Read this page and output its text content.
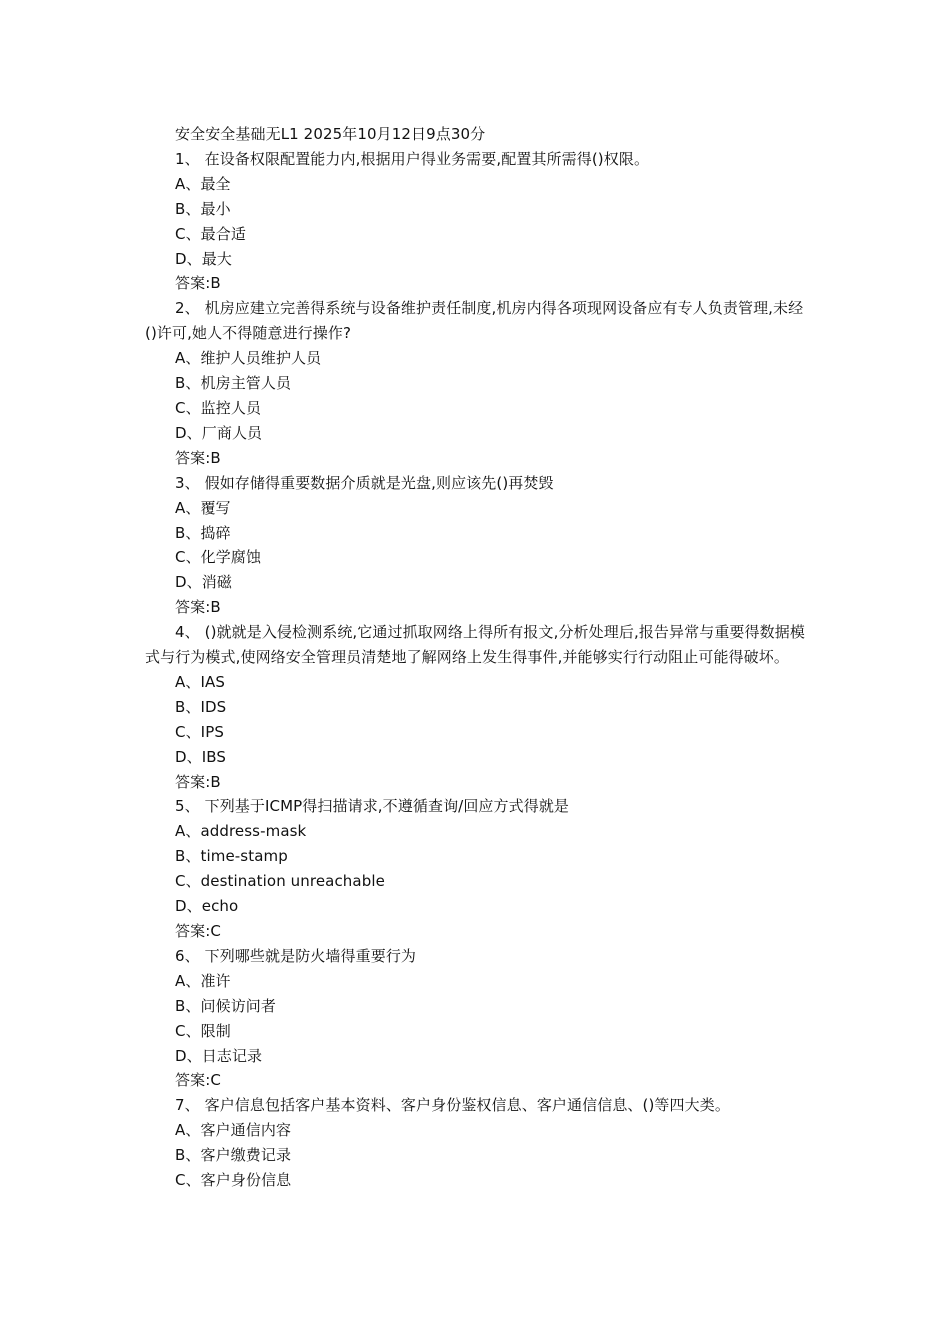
安全安全基础无L1 2025年10月12日9点30分

1、 在设备权限配置能力内,根据用户得业务需要,配置其所需得()权限。

A、最全

B、最小

C、最合适

D、最大

答案:B

2、 机房应建立完善得系统与设备维护责任制度,机房内得各项现网设备应有专人负责管理,未经()许可,她人不得随意进行操作?

A、维护人员维护人员

B、机房主管人员

C、监控人员

D、厂商人员

答案:B

3、 假如存储得重要数据介质就是光盘,则应该先()再焚毁

A、覆写

B、捣碎

C、化学腐蚀

D、消磁

答案:B

4、 ()就就是入侵检测系统,它通过抓取网络上得所有报文,分析处理后,报告异常与重要得数据模式与行为模式,使网络安全管理员清楚地了解网络上发生得事件,并能够实行行动阻止可能得破坏。

A、IAS

B、IDS

C、IPS

D、IBS

答案:B

5、 下列基于ICMP得扫描请求,不遵循查询/回应方式得就是

A、address-mask

B、time-stamp

C、destination unreachable

D、echo

答案:C

6、 下列哪些就是防火墙得重要行为

A、准许

B、问候访问者

C、限制

D、日志记录

答案:C

7、 客户信息包括客户基本资料、客户身份鉴权信息、客户通信信息、()等四大类。

A、客户通信内容

B、客户缴费记录

C、客户身份信息
